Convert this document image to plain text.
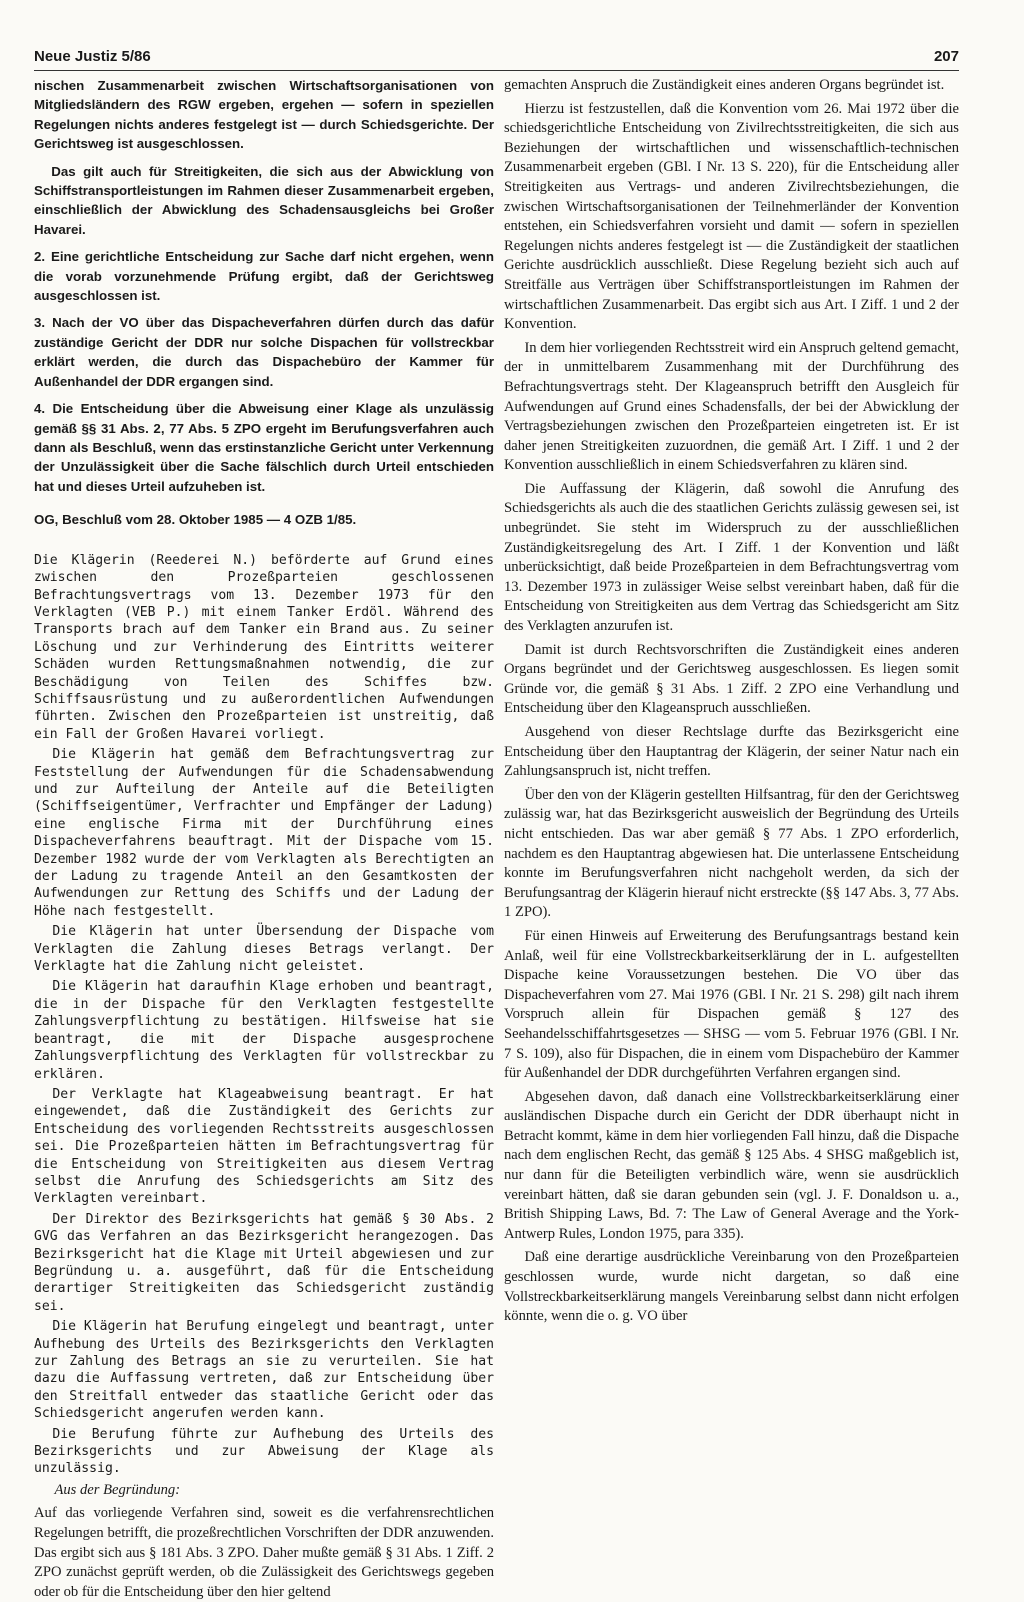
Neue Justiz 5/86	207

nischen Zusammenarbeit zwischen Wirtschaftsorganisationen von Mitgliedsländern des RGW ergeben, ergehen — sofern in speziellen Regelungen nichts anderes festgelegt ist — durch Schiedsgerichte. Der Gerichtsweg ist ausgeschlossen.

Das gilt auch für Streitigkeiten, die sich aus der Abwicklung von Schiffstransportleistungen im Rahmen dieser Zusammenarbeit ergeben, einschließlich der Abwicklung des Schadensausgleichs bei Großer Havarei.

2. Eine gerichtliche Entscheidung zur Sache darf nicht ergehen, wenn die vorab vorzunehmende Prüfung ergibt, daß der Gerichtsweg ausgeschlossen ist.

3. Nach der VO über das Dispacheverfahren dürfen durch das dafür zuständige Gericht der DDR nur solche Dispachen für vollstreckbar erklärt werden, die durch das Dispachebüro der Kammer für Außenhandel der DDR ergangen sind.

4. Die Entscheidung über die Abweisung einer Klage als unzulässig gemäß §§ 31 Abs. 2, 77 Abs. 5 ZPO ergeht im Berufungsverfahren auch dann als Beschluß, wenn das erstinstanzliche Gericht unter Verkennung der Unzulässigkeit über die Sache fälschlich durch Urteil entschieden hat und dieses Urteil aufzuheben ist.

OG, Beschluß vom 28. Oktober 1985 — 4 OZB 1/85.

Die Klägerin (Reederei N.) beförderte auf Grund eines zwischen den Prozeßparteien geschlossenen Befrachtungsvertrags vom 13. Dezember 1973 für den Verklagten (VEB P.) mit einem Tanker Erdöl. Während des Transports brach auf dem Tanker ein Brand aus. Zu seiner Löschung und zur Verhinderung des Eintritts weiterer Schäden wurden Rettungsmaßnahmen notwendig, die zur Beschädigung von Teilen des Schiffes bzw. Schiffsausrüstung und zu außerordentlichen Aufwendungen führten. Zwischen den Prozeßparteien ist unstreitig, daß ein Fall der Großen Havarei vorliegt.

Die Klägerin hat gemäß dem Befrachtungsvertrag zur Feststellung der Aufwendungen für die Schadensabwendung und zur Aufteilung der Anteile auf die Beteiligten (Schiffseigentümer, Verfrachter und Empfänger der Ladung) eine englische Firma mit der Durchführung eines Dispacheverfahrens beauftragt. Mit der Dispache vom 15. Dezember 1982 wurde der vom Verklagten als Berechtigten an der Ladung zu tragende Anteil an den Gesamtkosten der Aufwendungen zur Rettung des Schiffs und der Ladung der Höhe nach festgestellt.

Die Klägerin hat unter Übersendung der Dispache vom Verklagten die Zahlung dieses Betrags verlangt. Der Verklagte hat die Zahlung nicht geleistet.

Die Klägerin hat daraufhin Klage erhoben und beantragt, die in der Dispache für den Verklagten festgestellte Zahlungsverpflichtung zu bestätigen. Hilfsweise hat sie beantragt, die mit der Dispache ausgesprochene Zahlungsverpflichtung des Verklagten für vollstreckbar zu erklären.

Der Verklagte hat Klageabweisung beantragt. Er hat eingewendet, daß die Zuständigkeit des Gerichts zur Entscheidung des vorliegenden Rechtsstreits ausgeschlossen sei. Die Prozeßparteien hätten im Befrachtungsvertrag für die Entscheidung von Streitigkeiten aus diesem Vertrag selbst die Anrufung des Schiedsgerichts am Sitz des Verklagten vereinbart.

Der Direktor des Bezirksgerichts hat gemäß § 30 Abs. 2 GVG das Verfahren an das Bezirksgericht herangezogen. Das Bezirksgericht hat die Klage mit Urteil abgewiesen und zur Begründung u. a. ausgeführt, daß für die Entscheidung derartiger Streitigkeiten das Schiedsgericht zuständig sei.

Die Klägerin hat Berufung eingelegt und beantragt, unter Aufhebung des Urteils des Bezirksgerichts den Verklagten zur Zahlung des Betrags an sie zu verurteilen. Sie hat dazu die Auffassung vertreten, daß zur Entscheidung über den Streitfall entweder das staatliche Gericht oder das Schiedsgericht angerufen werden kann.

Die Berufung führte zur Aufhebung des Urteils des Bezirksgerichts und zur Abweisung der Klage als unzulässig.

Aus der Begründung:

Auf das vorliegende Verfahren sind, soweit es die verfahrensrechtlichen Regelungen betrifft, die prozeßrechtlichen Vorschriften der DDR anzuwenden. Das ergibt sich aus § 181 Abs. 3 ZPO. Daher mußte gemäß § 31 Abs. 1 Ziff. 2 ZPO zunächst geprüft werden, ob die Zulässigkeit des Gerichtswegs gegeben oder ob für die Entscheidung über den hier geltend

gemachten Anspruch die Zuständigkeit eines anderen Organs begründet ist.

Hierzu ist festzustellen, daß die Konvention vom 26. Mai 1972 über die schiedsgerichtliche Entscheidung von Zivilrechtsstreitigkeiten, die sich aus Beziehungen der wirtschaftlichen und wissenschaftlich-technischen Zusammenarbeit ergeben (GBl. I Nr. 13 S. 220), für die Entscheidung aller Streitigkeiten aus Vertrags- und anderen Zivilrechtsbeziehungen, die zwischen Wirtschaftsorganisationen der Teilnehmerländer der Konvention entstehen, ein Schiedsverfahren vorsieht und damit — sofern in speziellen Regelungen nichts anderes festgelegt ist — die Zuständigkeit der staatlichen Gerichte ausdrücklich ausschließt. Diese Regelung bezieht sich auch auf Streitfälle aus Verträgen über Schiffstransportleistungen im Rahmen der wirtschaftlichen Zusammenarbeit. Das ergibt sich aus Art. I Ziff. 1 und 2 der Konvention.

In dem hier vorliegenden Rechtsstreit wird ein Anspruch geltend gemacht, der in unmittelbarem Zusammenhang mit der Durchführung des Befrachtungsvertrags steht. Der Klageanspruch betrifft den Ausgleich für Aufwendungen auf Grund eines Schadensfalls, der bei der Abwicklung der Vertragsbeziehungen zwischen den Prozeßparteien eingetreten ist. Er ist daher jenen Streitigkeiten zuzuordnen, die gemäß Art. I Ziff. 1 und 2 der Konvention ausschließlich in einem Schiedsverfahren zu klären sind.

Die Auffassung der Klägerin, daß sowohl die Anrufung des Schiedsgerichts als auch die des staatlichen Gerichts zulässig gewesen sei, ist unbegründet. Sie steht im Widerspruch zu der ausschließlichen Zuständigkeitsregelung des Art. I Ziff. 1 der Konvention und läßt unberücksichtigt, daß beide Prozeßparteien in dem Befrachtungsvertrag vom 13. Dezember 1973 in zulässiger Weise selbst vereinbart haben, daß für die Entscheidung von Streitigkeiten aus dem Vertrag das Schiedsgericht am Sitz des Verklagten anzurufen ist.

Damit ist durch Rechtsvorschriften die Zuständigkeit eines anderen Organs begründet und der Gerichtsweg ausgeschlossen. Es liegen somit Gründe vor, die gemäß § 31 Abs. 1 Ziff. 2 ZPO eine Verhandlung und Entscheidung über den Klageanspruch ausschließen.

Ausgehend von dieser Rechtslage durfte das Bezirksgericht eine Entscheidung über den Hauptantrag der Klägerin, der seiner Natur nach ein Zahlungsanspruch ist, nicht treffen.

Über den von der Klägerin gestellten Hilfsantrag, für den der Gerichtsweg zulässig war, hat das Bezirksgericht ausweislich der Begründung des Urteils nicht entschieden. Das war aber gemäß § 77 Abs. 1 ZPO erforderlich, nachdem es den Hauptantrag abgewiesen hat. Die unterlassene Entscheidung konnte im Berufungsverfahren nicht nachgeholt werden, da sich der Berufungsantrag der Klägerin hierauf nicht erstreckte (§§ 147 Abs. 3, 77 Abs. 1 ZPO).

Für einen Hinweis auf Erweiterung des Berufungsantrags bestand kein Anlaß, weil für eine Vollstreckbarkeitserklärung der in L. aufgestellten Dispache keine Voraussetzungen bestehen. Die VO über das Dispacheverfahren vom 27. Mai 1976 (GBl. I Nr. 21 S. 298) gilt nach ihrem Vorspruch allein für Dispachen gemäß § 127 des Seehandelsschiffahrtsgesetzes — SHSG — vom 5. Februar 1976 (GBl. I Nr. 7 S. 109), also für Dispachen, die in einem vom Dispachebüro der Kammer für Außenhandel der DDR durchgeführten Verfahren ergangen sind.

Abgesehen davon, daß danach eine Vollstreckbarkeitserklärung einer ausländischen Dispache durch ein Gericht der DDR überhaupt nicht in Betracht kommt, käme in dem hier vorliegenden Fall hinzu, daß die Dispache nach dem englischen Recht, das gemäß § 125 Abs. 4 SHSG maßgeblich ist, nur dann für die Beteiligten verbindlich wäre, wenn sie ausdrücklich vereinbart hätten, daß sie daran gebunden sein (vgl. J. F. Donaldson u. a., British Shipping Laws, Bd. 7: The Law of General Average and the York-Antwerp Rules, London 1975, para 335).

Daß eine derartige ausdrückliche Vereinbarung von den Prozeßparteien geschlossen wurde, wurde nicht dargetan, so daß eine Vollstreckbarkeitserklärung mangels Vereinbarung selbst dann nicht erfolgen könnte, wenn die o. g. VO über
